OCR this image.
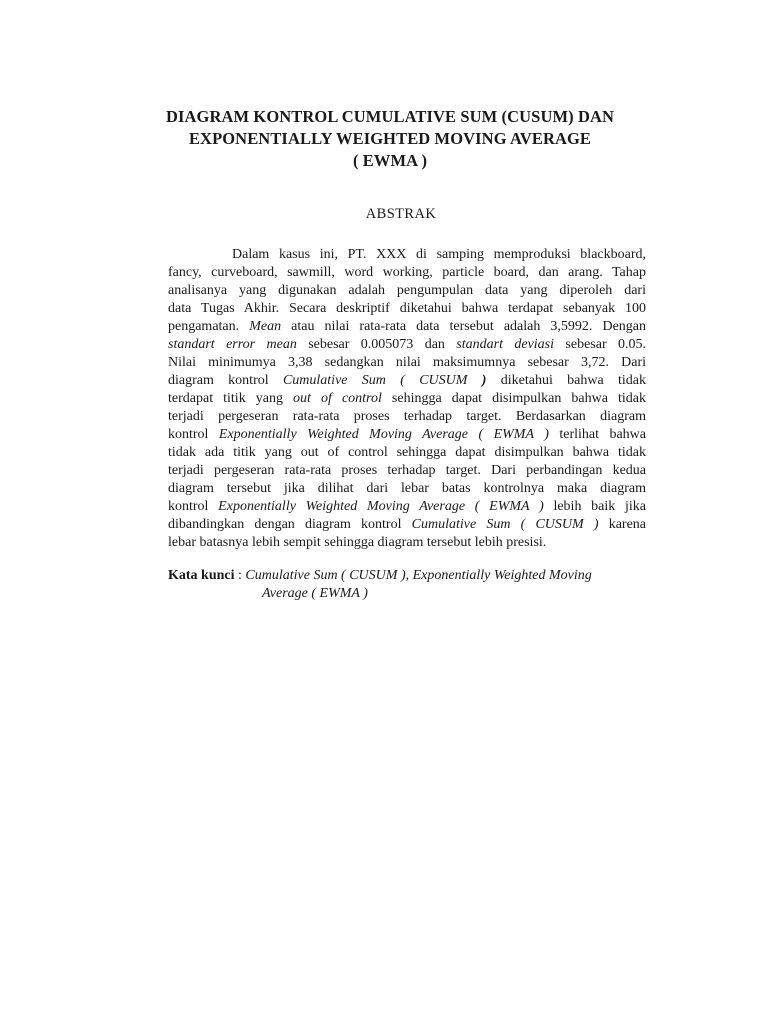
DIAGRAM KONTROL CUMULATIVE SUM (CUSUM) DAN
EXPONENTIALLY WEIGHTED MOVING AVERAGE
( EWMA )
ABSTRAK
Dalam kasus ini, PT. XXX di samping memproduksi blackboard,
fancy, curveboard, sawmill, word working, particle board, dan arang. Tahap
analisanya yang digunakan adalah pengumpulan data yang diperoleh dari
data Tugas Akhir. Secara deskriptif diketahui bahwa terdapat sebanyak 100
pengamatan. Mean atau nilai rata-rata data tersebut adalah 3,5992. Dengan
standart error mean sebesar 0.005073 dan standart deviasi sebesar 0.05.
Nilai minimumya 3,38 sedangkan nilai maksimumnya sebesar 3,72. Dari
diagram kontrol Cumulative Sum ( CUSUM ) diketahui bahwa tidak
terdapat titik yang out of control sehingga dapat disimpulkan bahwa tidak
terjadi pergeseran rata-rata proses terhadap target. Berdasarkan diagram
kontrol Exponentially Weighted Moving Average ( EWMA ) terlihat bahwa
tidak ada titik yang out of control sehingga dapat disimpulkan bahwa tidak
terjadi pergeseran rata-rata proses terhadap target. Dari perbandingan kedua
diagram tersebut jika dilihat dari lebar batas kontrolnya maka diagram
kontrol Exponentially Weighted Moving Average ( EWMA ) lebih baik jika
dibandingkan dengan diagram kontrol Cumulative Sum ( CUSUM ) karena
lebar batasnya lebih sempit sehingga diagram tersebut lebih presisi.
Kata kunci : Cumulative Sum ( CUSUM ), Exponentially Weighted Moving
Average ( EWMA )
